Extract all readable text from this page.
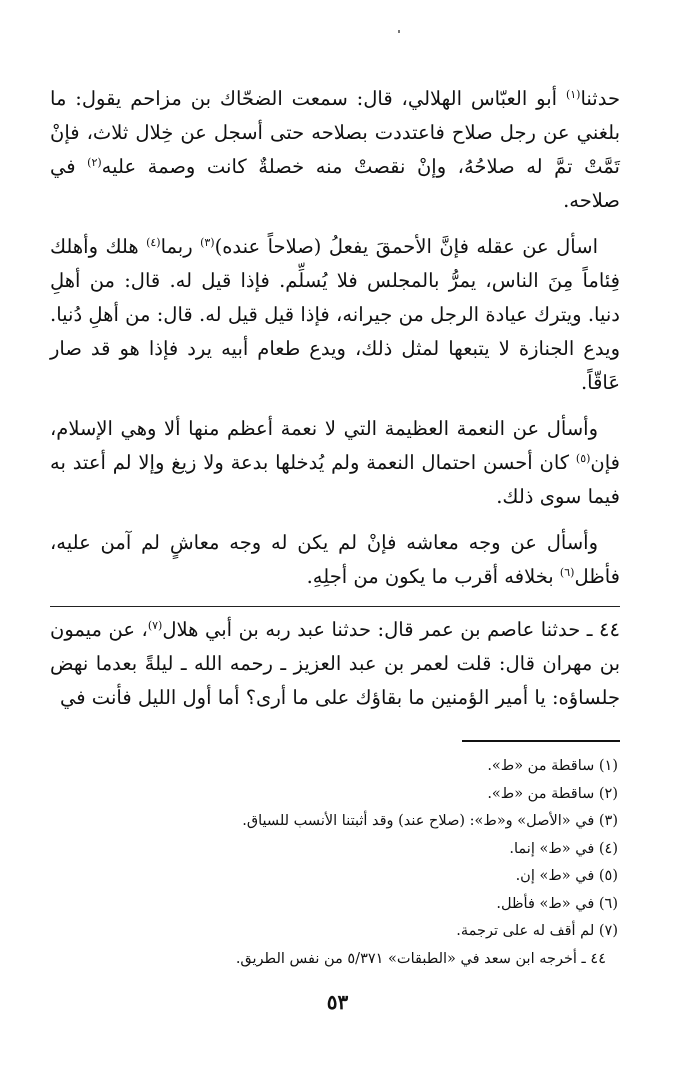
حدثنا$^{(١)}$ أبو العبّاس الهلالي، قال: سمعت الضحّاك بن مزاحم يقول: ما بلغني عن رجل صلاح فاعتددت بصلاحه حتى أسجل عن خِلال ثلاث، فإنْ تَمَّتْ تمَّ له صلاحُهُ، وإنْ نقصتْ منه خصلةٌ كانت وصمة عليه$^{(٢)}$ في صلاحه.

اسأل عن عقله فإنَّ الأحمقَ يفعلُ (صلاحاً عنده)$^{(٣)}$ ربما$^{(٤)}$ هلك وأهلك فِئاماً مِنَ الناس، يمرُّ بالمجلس فلا يُسلِّم. فإذا قيل له. قال: من أهلِ دنيا. ويترك عيادة الرجل من جيرانه، فإذا قيل قيل له. قال: من أهلِ دُنيا. ويدع الجنازة لا يتبعها لمثل ذلك، ويدع طعام أبيه يرد فإذا هو قد صار عَاقّاً.

وأسأل عن النعمة العظيمة التي لا نعمة أعظم منها ألا وهي الإسلام، فإن$^{(٥)}$ كان أحسن احتمال النعمة ولم يُدخلها بدعة ولا زيغ وإلا لم أعتد به فيما سوى ذلك.

وأسأل عن وجه معاشه فإنْ لم يكن له وجه معاشٍ لم آمن عليه، فأظل$^{(٦)}$ بخلافه أقرب ما يكون من أجلِهِ.

٤٤ ـ حدثنا عاصم بن عمر قال: حدثنا عبد ربه بن أبي هلال$^{(٧)}$، عن ميمون بن مهران قال: قلت لعمر بن عبد العزيز ـ رحمه الله ـ ليلةً بعدما نهض جلساؤه: يا أمير الؤمنين ما بقاؤك على ما أرى؟ أما أول الليل فأنت في

(١) ساقطة من «ط».
(٢) ساقطة من «ط».
(٣) في «الأصل» و«ط»: (صلاح عند) وقد أثبتنا الأنسب للسياق.
(٤) في «ط» إنما.
(٥) في «ط» إن.
(٦) في «ط» فأظل.
(٧) لم أقف له على ترجمة.
٤٤ ـ أخرجه ابن سعد في «الطبقات» ٥/٣٧١ من نفس الطريق.
٥٣
